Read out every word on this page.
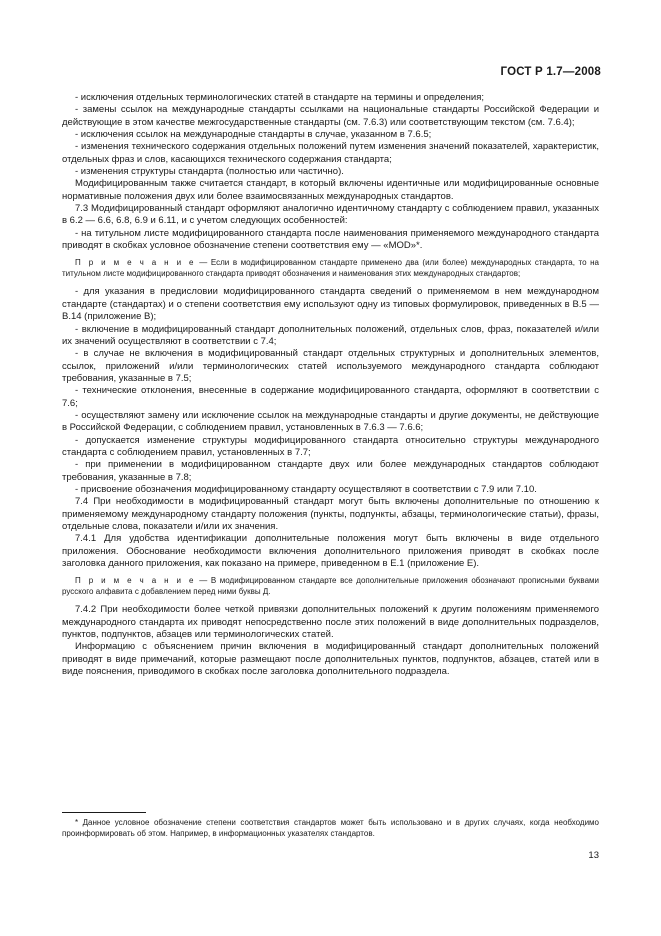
ГОСТ Р 1.7—2008

- исключения отдельных терминологических статей в стандарте на термины и определения;

- замены ссылок на международные стандарты ссылками на национальные стандарты Российской Федерации и действующие в этом качестве межгосударственные стандарты (см. 7.6.3) или соответствующим текстом (см. 7.6.4);

- исключения ссылок на международные стандарты в случае, указанном в 7.6.5;

- изменения технического содержания отдельных положений путем изменения значений показателей, характеристик, отдельных фраз и слов, касающихся технического содержания стандарта;

- изменения структуры стандарта (полностью или частично).

Модифицированным также считается стандарт, в который включены идентичные или модифицированные основные нормативные положения двух или более взаимосвязанных международных стандартов.

7.3 Модифицированный стандарт оформляют аналогично идентичному стандарту с соблюдением правил, указанных в 6.2 — 6.6, 6.8, 6.9 и 6.11, и с учетом следующих особенностей:

- на титульном листе модифицированного стандарта после наименования применяемого международного стандарта приводят в скобках условное обозначение степени соответствия ему — «MOD»*.

П р и м е ч а н и е — Если в модифицированном стандарте применено два (или более) международных стандарта, то на титульном листе модифицированного стандарта приводят обозначения и наименования этих международных стандартов;

- для указания в предисловии модифицированного стандарта сведений о применяемом в нем международном стандарте (стандартах) и о степени соответствия ему используют одну из типовых формулировок, приведенных в В.5 — В.14 (приложение В);

- включение в модифицированный стандарт дополнительных положений, отдельных слов, фраз, показателей и/или их значений осуществляют в соответствии с 7.4;

- в случае не включения в модифицированный стандарт отдельных структурных и дополнительных элементов, ссылок, приложений и/или терминологических статей используемого международного стандарта соблюдают требования, указанные в 7.5;

- технические отклонения, внесенные в содержание модифицированного стандарта, оформляют в соответствии с 7.6;

- осуществляют замену или исключение ссылок на международные стандарты и другие документы, не действующие в Российской Федерации, с соблюдением правил, установленных в 7.6.3 — 7.6.6;

- допускается изменение структуры модифицированного стандарта относительно структуры международного стандарта с соблюдением правил, установленных в 7.7;

- при применении в модифицированном стандарте двух или более международных стандартов соблюдают требования, указанные в 7.8;

- присвоение обозначения модифицированному стандарту осуществляют в соответствии с 7.9 или 7.10.

7.4 При необходимости в модифицированный стандарт могут быть включены дополнительные по отношению к применяемому международному стандарту положения (пункты, подпункты, абзацы, терминологические статьи), фразы, отдельные слова, показатели и/или их значения.

7.4.1 Для удобства идентификации дополнительные положения могут быть включены в виде отдельного приложения. Обоснование необходимости включения дополнительного приложения приводят в скобках после заголовка данного приложения, как показано на примере, приведенном в Е.1 (приложение Е).

П р и м е ч а н и е — В модифицированном стандарте все дополнительные приложения обозначают прописными буквами русского алфавита с добавлением перед ними буквы Д.

7.4.2 При необходимости более четкой привязки дополнительных положений к другим положениям применяемого международного стандарта их приводят непосредственно после этих положений в виде дополнительных подразделов, пунктов, подпунктов, абзацев или терминологических статей.

Информацию с объяснением причин включения в модифицированный стандарт дополнительных положений приводят в виде примечаний, которые размещают после дополнительных пунктов, подпунктов, абзацев, статей или в виде пояснения, приводимого в скобках после заголовка дополнительного подраздела.

* Данное условное обозначение степени соответствия стандартов может быть использовано и в других случаях, когда необходимо проинформировать об этом. Например, в информационных указателях стандартов.

13
